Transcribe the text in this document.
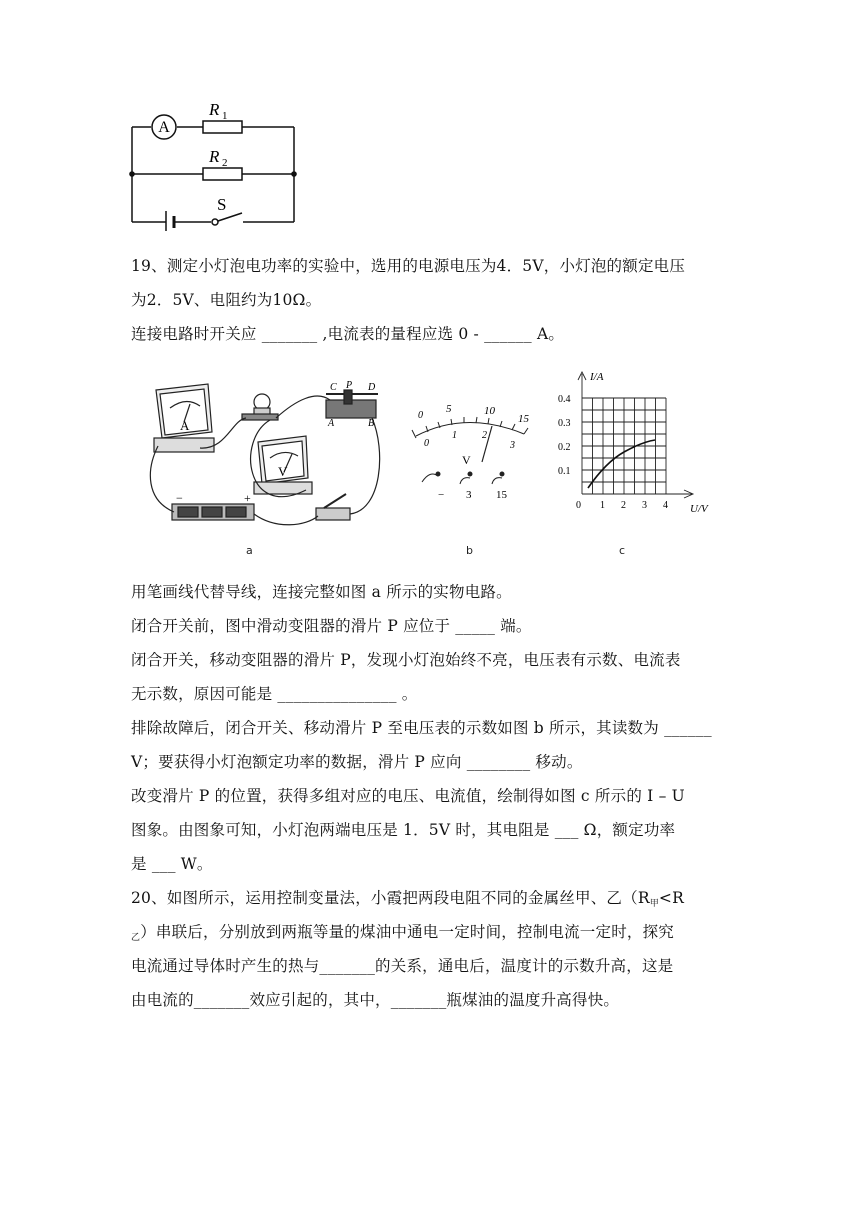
A
R 1
R 2
S
19、测定小灯泡电功率的实验中，选用的电源电压为4．5V，小灯泡的额定电压
为2．5V、电阻约为10Ω。
连接电路时开关应 _______ ,电流表的量程应选 0 - ______ A。
A
V
C P D
A	B
−	+
a
0
5	10
15
0
1	2
3
V
− 3 15
b
I/A
0.4
0.3
0.2
0.1
0 1 2 3 4 U/V
c
用笔画线代替导线，连接完整如图 a 所示的实物电路。
闭合开关前，图中滑动变阻器的滑片 P 应位于 _____ 端。
闭合开关，移动变阻器的滑片 P，发现小灯泡始终不亮，电压表有示数、电流表
无示数，原因可能是 _______________ 。
排除故障后，闭合开关、移动滑片 P 至电压表的示数如图 b 所示，其读数为 ______
V；要获得小灯泡额定功率的数据，滑片 P 应向 ________ 移动。
改变滑片 P 的位置，获得多组对应的电压、电流值，绘制得如图 c 所示的 I – U
图象。由图象可知，小灯泡两端电压是 1．5V 时，其电阻是 ___ Ω，额定功率
是 ___ W。
20、如图所示，运用控制变量法，小霞把两段电阻不同的金属丝甲、乙（$R_甲<R$
$_乙$）串联后，分别放到两瓶等量的煤油中通电一定时间，控制电流一定时，探究
电流通过导体时产生的热与_______的关系，通电后，温度计的示数升高，这是
由电流的_______效应引起的，其中，_______瓶煤油的温度升高得快。
